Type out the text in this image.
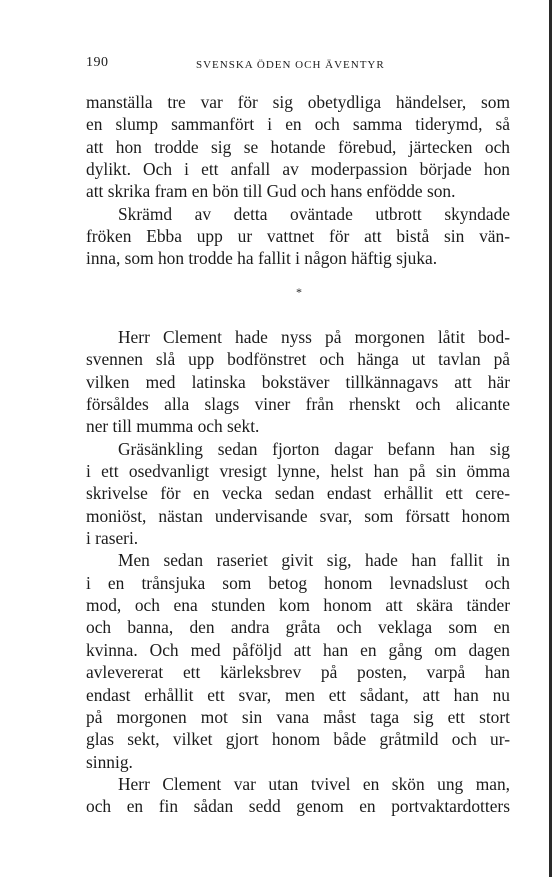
190	SVENSKA ÖDEN OCH ÄVENTYR
manställa tre var för sig obetydliga händelser, som
en slump sammanfört i en och samma tiderymd, så
att hon trodde sig se hotande förebud, järtecken och
dylikt. Och i ett anfall av moderpassion började hon
att skrika fram en bön till Gud och hans enfödde son.
Skrämd av detta oväntade utbrott skyndade
fröken Ebba upp ur vattnet för att bistå sin vän-
inna, som hon trodde ha fallit i någon häftig sjuka.
*
Herr Clement hade nyss på morgonen låtit bod-
svennen slå upp bodfönstret och hänga ut tavlan på
vilken med latinska bokstäver tillkännagavs att här
försåldes alla slags viner från rhenskt och alicante
ner till mumma och sekt.
Gräsänkling sedan fjorton dagar befann han sig
i ett osedvanligt vresigt lynne, helst han på sin ömma
skrivelse för en vecka sedan endast erhållit ett cere-
moniöst, nästan undervisande svar, som försatt honom
i raseri.
Men sedan raseriet givit sig, hade han fallit in
i en trånsjuka som betog honom levnadslust och
mod, och ena stunden kom honom att skära tänder
och banna, den andra gråta och veklaga som en
kvinna. Och med påföljd att han en gång om dagen
avlevererat ett kärleksbrev på posten, varpå han
endast erhållit ett svar, men ett sådant, att han nu
på morgonen mot sin vana måst taga sig ett stort
glas sekt, vilket gjort honom både gråtmild och ur-
sinnig.
Herr Clement var utan tvivel en skön ung man,
och en fin sådan sedd genom en portvaktardotters
